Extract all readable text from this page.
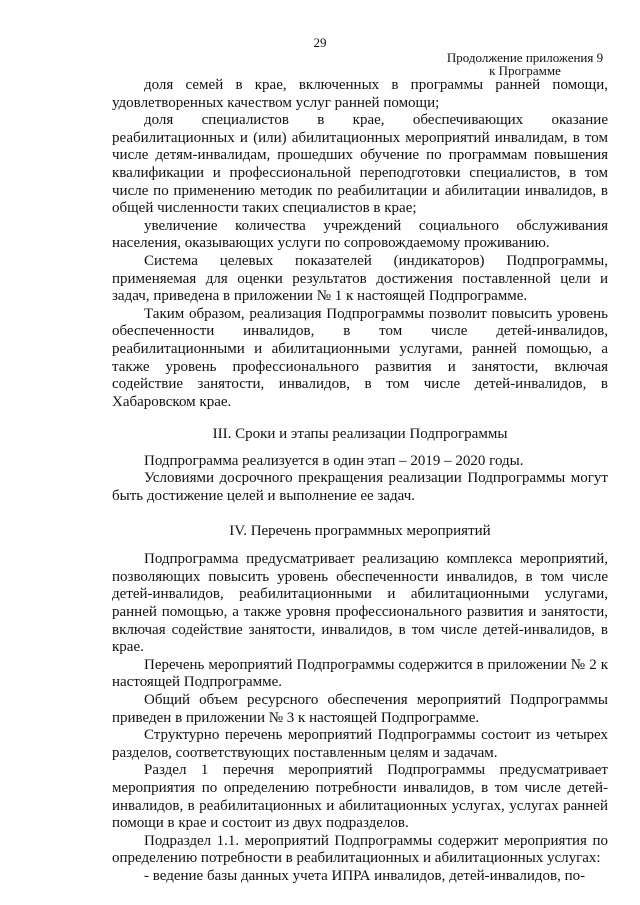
29
Продолжение приложения 9
к Программе

доля семей в крае, включенных в программы ранней помощи, удовлетворенных качеством услуг ранней помощи;

доля специалистов в крае, обеспечивающих оказание реабилитационных и (или) абилитационных мероприятий инвалидам, в том числе детям-инвалидам, прошедших обучение по программам повышения квалификации и профессиональной переподготовки специалистов, в том числе по применению методик по реабилитации и абилитации инвалидов, в общей численности таких специалистов в крае;

увеличение количества учреждений социального обслуживания населения, оказывающих услуги по сопровождаемому проживанию.

Система целевых показателей (индикаторов) Подпрограммы, применяемая для оценки результатов достижения поставленной цели и задач, приведена в приложении № 1 к настоящей Подпрограмме.

Таким образом, реализация Подпрограммы позволит повысить уровень обеспеченности инвалидов, в том числе детей-инвалидов, реабилитационными и абилитационными услугами, ранней помощью, а также уровень профессионального развития и занятости, включая содействие занятости, инвалидов, в том числе детей-инвалидов, в Хабаровском крае.

III. Сроки и этапы реализации Подпрограммы

Подпрограмма реализуется в один этап – 2019 – 2020 годы.

Условиями досрочного прекращения реализации Подпрограммы могут быть достижение целей и выполнение ее задач.

IV. Перечень программных мероприятий

Подпрограмма предусматривает реализацию комплекса мероприятий, позволяющих повысить уровень обеспеченности инвалидов, в том числе детей-инвалидов, реабилитационными и абилитационными услугами, ранней помощью, а также уровня профессионального развития и занятости, включая содействие занятости, инвалидов, в том числе детей-инвалидов, в крае.

Перечень мероприятий Подпрограммы содержится в приложении № 2 к настоящей Подпрограмме.

Общий объем ресурсного обеспечения мероприятий Подпрограммы приведен в приложении № 3 к настоящей Подпрограмме.

Структурно перечень мероприятий Подпрограммы состоит из четырех разделов, соответствующих поставленным целям и задачам.

Раздел 1 перечня мероприятий Подпрограммы предусматривает мероприятия по определению потребности инвалидов, в том числе детей-инвалидов, в реабилитационных и абилитационных услугах, услугах ранней помощи в крае и состоит из двух подразделов.

Подраздел 1.1. мероприятий Подпрограммы содержит мероприятия по определению потребности в реабилитационных и абилитационных услугах:

- ведение базы данных учета ИПРА инвалидов, детей-инвалидов, по-
